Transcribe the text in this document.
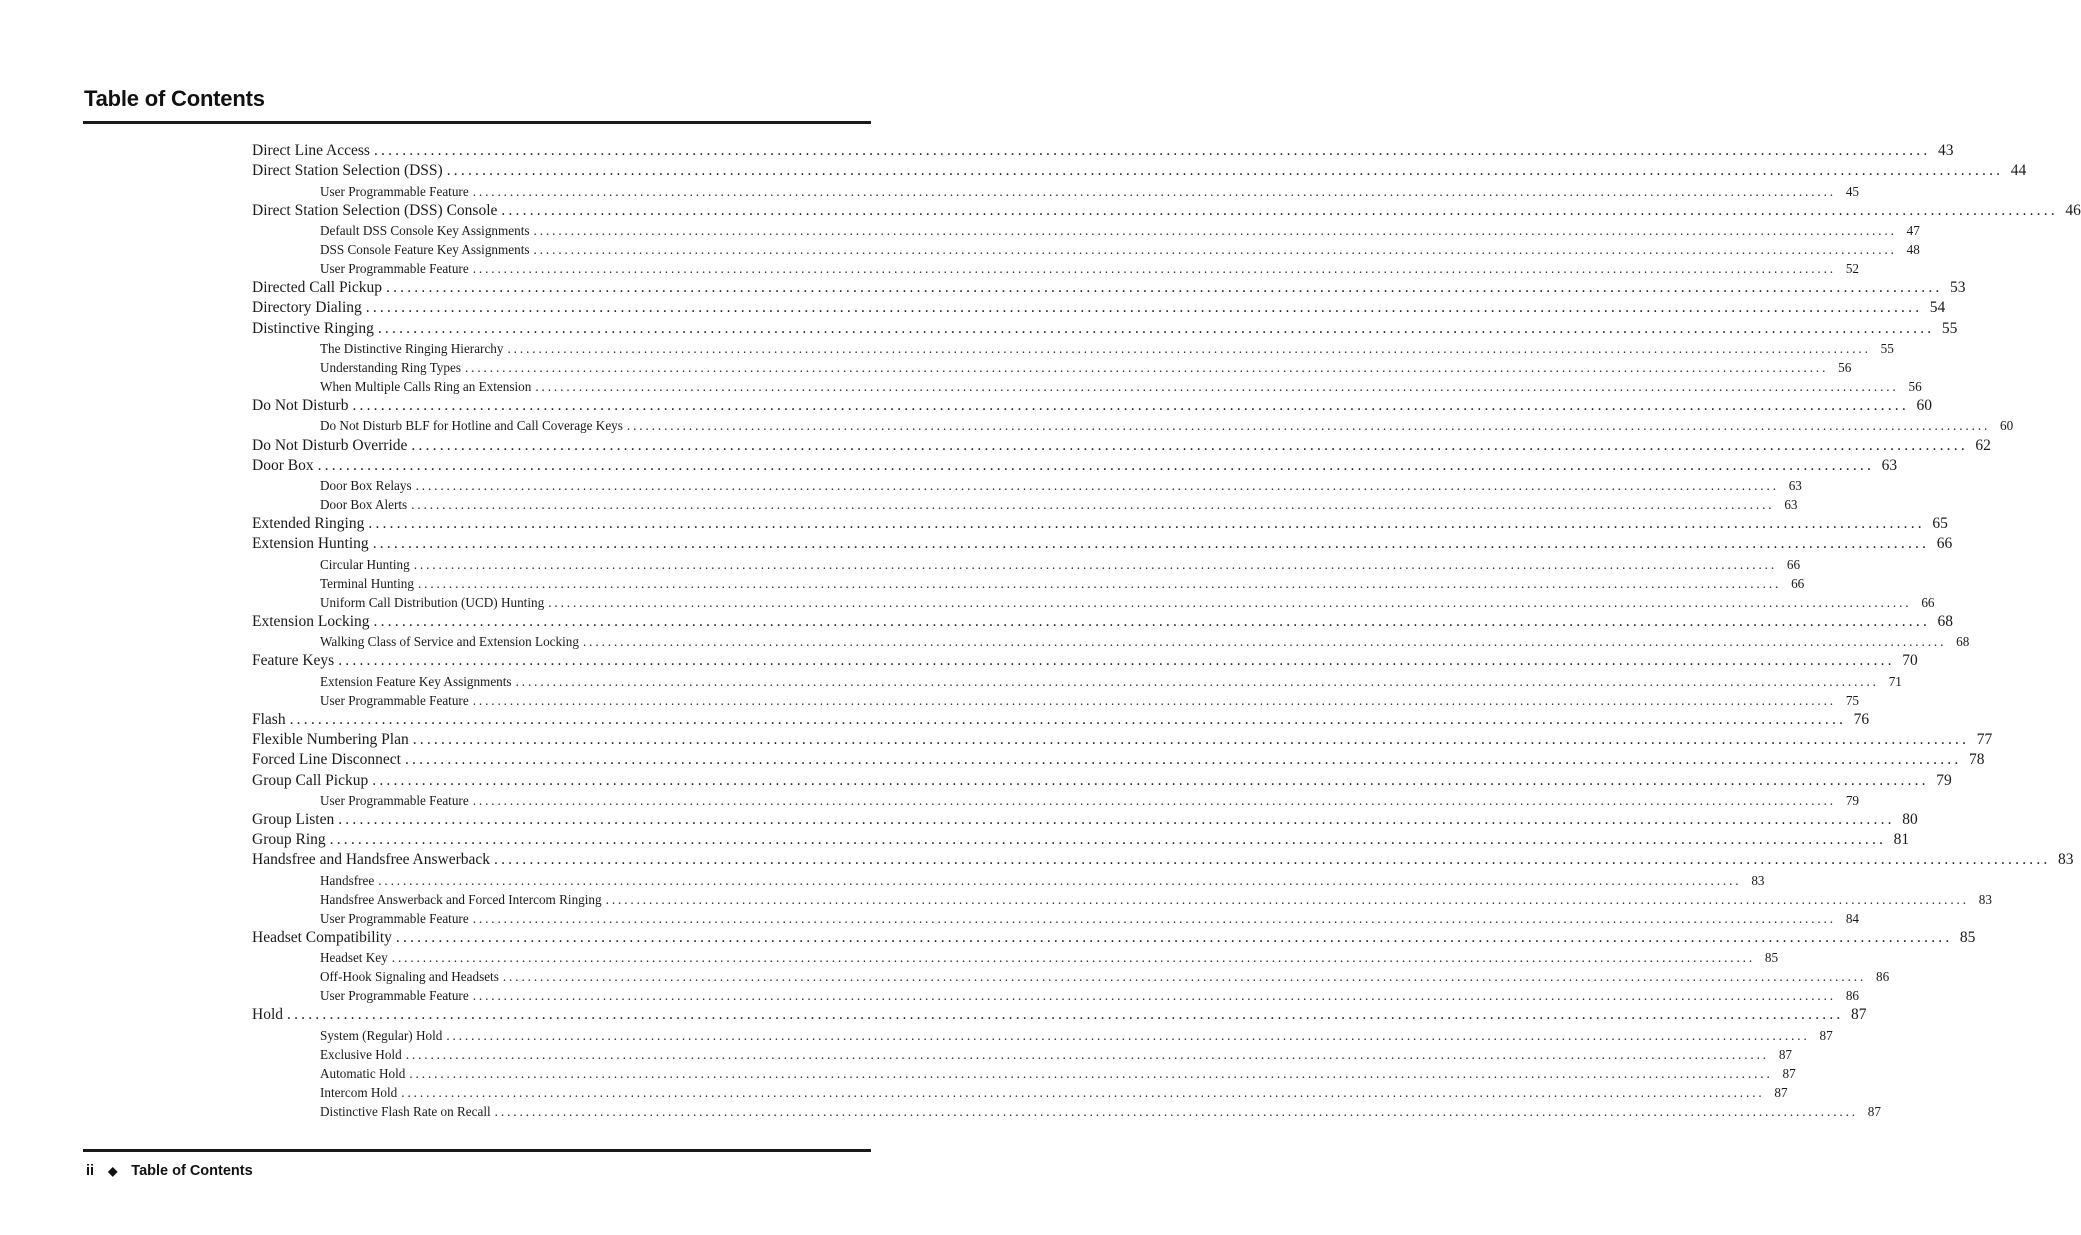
Table of Contents
Direct Line Access ............................................................................................................................................................................................................................ 43
Direct Station Selection (DSS) ............................................................................................................................................................................................................................ 44
User Programmable Feature ............................................................................................................................................................................................................................ 45
Direct Station Selection (DSS) Console ............................................................................................................................................................................................................................ 46
Default DSS Console Key Assignments ............................................................................................................................................................................................................................ 47
DSS Console Feature Key Assignments ............................................................................................................................................................................................................................ 48
User Programmable Feature ............................................................................................................................................................................................................................ 52
Directed Call Pickup ............................................................................................................................................................................................................................ 53
Directory Dialing ............................................................................................................................................................................................................................ 54
Distinctive Ringing ............................................................................................................................................................................................................................ 55
The Distinctive Ringing Hierarchy ............................................................................................................................................................................................................................ 55
Understanding Ring Types ............................................................................................................................................................................................................................ 56
When Multiple Calls Ring an Extension ............................................................................................................................................................................................................................ 56
Do Not Disturb ............................................................................................................................................................................................................................ 60
Do Not Disturb BLF for Hotline and Call Coverage Keys ............................................................................................................................................................................................................................ 60
Do Not Disturb Override ............................................................................................................................................................................................................................ 62
Door Box ............................................................................................................................................................................................................................ 63
Door Box Relays ............................................................................................................................................................................................................................ 63
Door Box Alerts ............................................................................................................................................................................................................................ 63
Extended Ringing ............................................................................................................................................................................................................................ 65
Extension Hunting ............................................................................................................................................................................................................................ 66
Circular Hunting ............................................................................................................................................................................................................................ 66
Terminal Hunting ............................................................................................................................................................................................................................ 66
Uniform Call Distribution (UCD) Hunting ............................................................................................................................................................................................................................ 66
Extension Locking ............................................................................................................................................................................................................................ 68
Walking Class of Service and Extension Locking ............................................................................................................................................................................................................................ 68
Feature Keys ............................................................................................................................................................................................................................ 70
Extension Feature Key Assignments ............................................................................................................................................................................................................................ 71
User Programmable Feature ............................................................................................................................................................................................................................ 75
Flash ............................................................................................................................................................................................................................ 76
Flexible Numbering Plan ............................................................................................................................................................................................................................ 77
Forced Line Disconnect ............................................................................................................................................................................................................................ 78
Group Call Pickup ............................................................................................................................................................................................................................ 79
User Programmable Feature ............................................................................................................................................................................................................................ 79
Group Listen ............................................................................................................................................................................................................................ 80
Group Ring ............................................................................................................................................................................................................................ 81
Handsfree and Handsfree Answerback ............................................................................................................................................................................................................................ 83
Handsfree ............................................................................................................................................................................................................................ 83
Handsfree Answerback and Forced Intercom Ringing ............................................................................................................................................................................................................................ 83
User Programmable Feature ............................................................................................................................................................................................................................ 84
Headset Compatibility ............................................................................................................................................................................................................................ 85
Headset Key ............................................................................................................................................................................................................................ 85
Off-Hook Signaling and Headsets ............................................................................................................................................................................................................................ 86
User Programmable Feature ............................................................................................................................................................................................................................ 86
Hold ............................................................................................................................................................................................................................ 87
System (Regular) Hold ............................................................................................................................................................................................................................ 87
Exclusive Hold ............................................................................................................................................................................................................................ 87
Automatic Hold ............................................................................................................................................................................................................................ 87
Intercom Hold ............................................................................................................................................................................................................................ 87
Distinctive Flash Rate on Recall ............................................................................................................................................................................................................................ 87
ii ◆ Table of Contents
